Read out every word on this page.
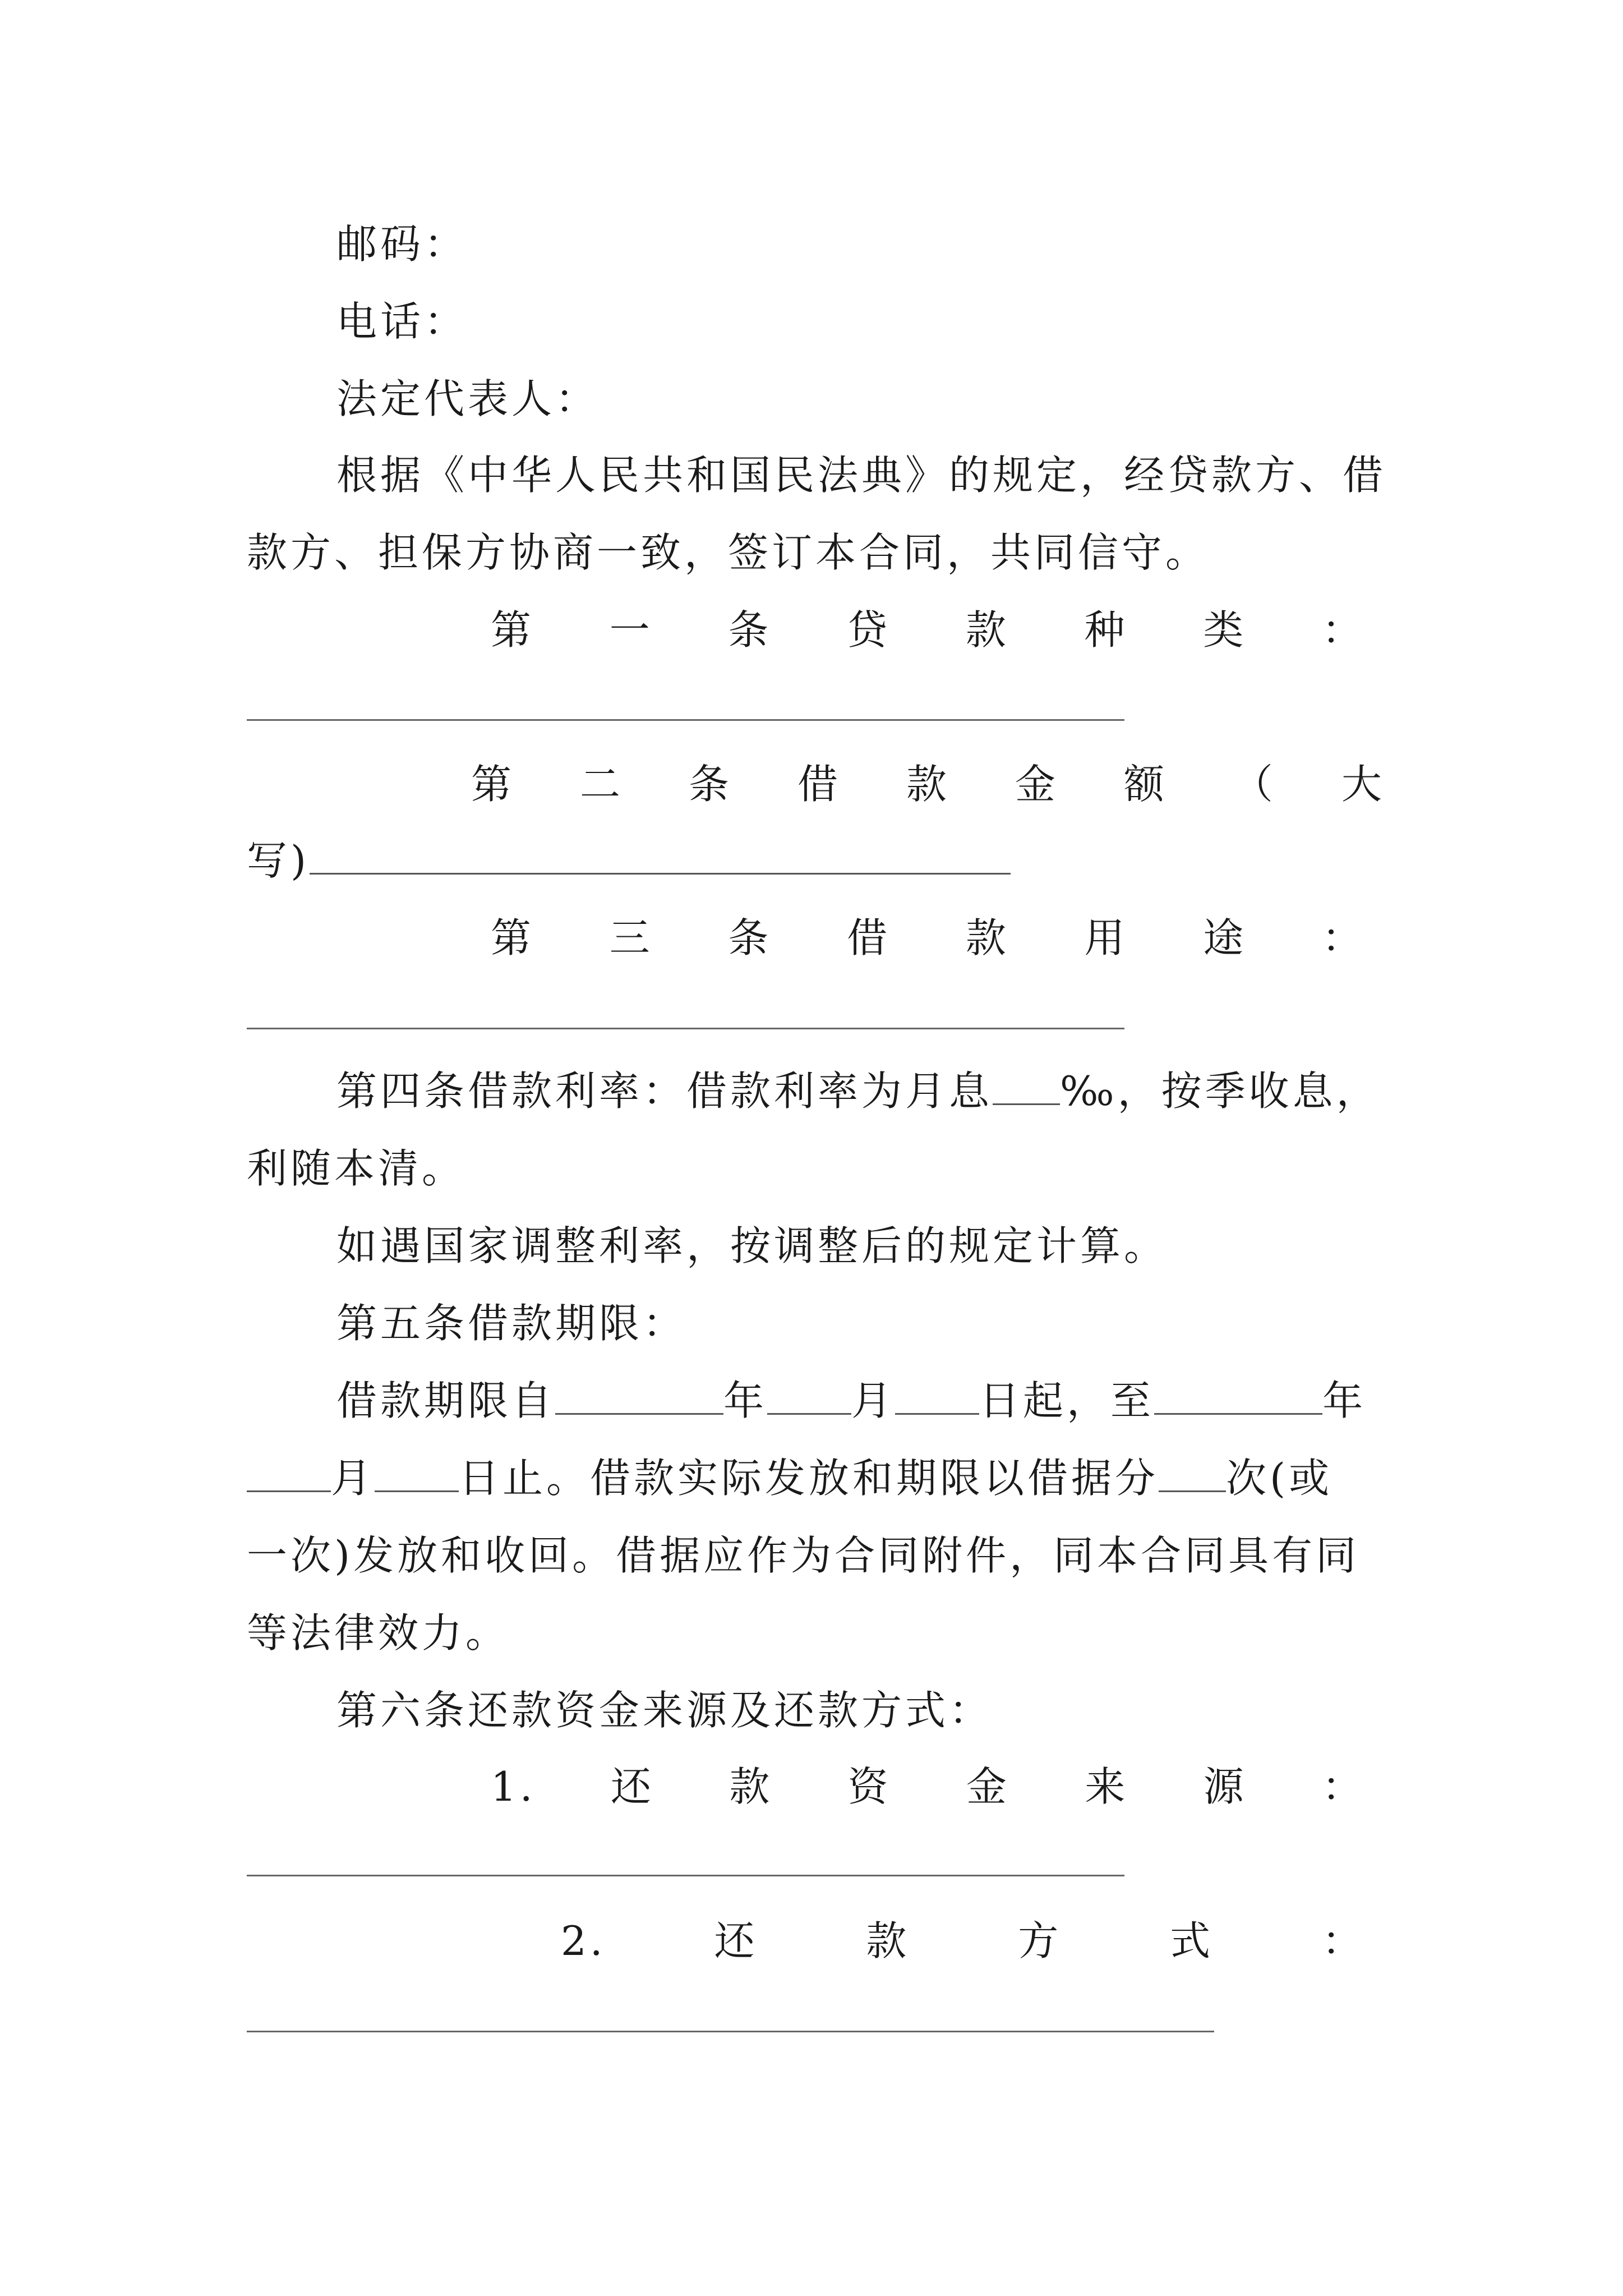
邮码：
电话：
法定代表人：
根据《中华人民共和国民法典》的规定，经贷款方、借
款方、担保方协商一致，签订本合同，共同信守。
第 一 条 贷 款 种 类 ：
第 二 条 借 款 金 额 （ 大
写)
第 三 条 借 款 用 途 ：
第四条借款利率：借款利率为月息 ‰，按季收息，
利随本清。
如遇国家调整利率，按调整后的规定计算。
第五条借款期限：
借款期限自	年 月 日起，至	年
月 日止。借款实际发放和期限以借据分 次(或
一次)发放和收回。借据应作为合同附件，同本合同具有同
等法律效力。
第六条还款资金来源及还款方式：
1. 还 款 资 金 来 源 ：
2.	还	款	方	式	：
